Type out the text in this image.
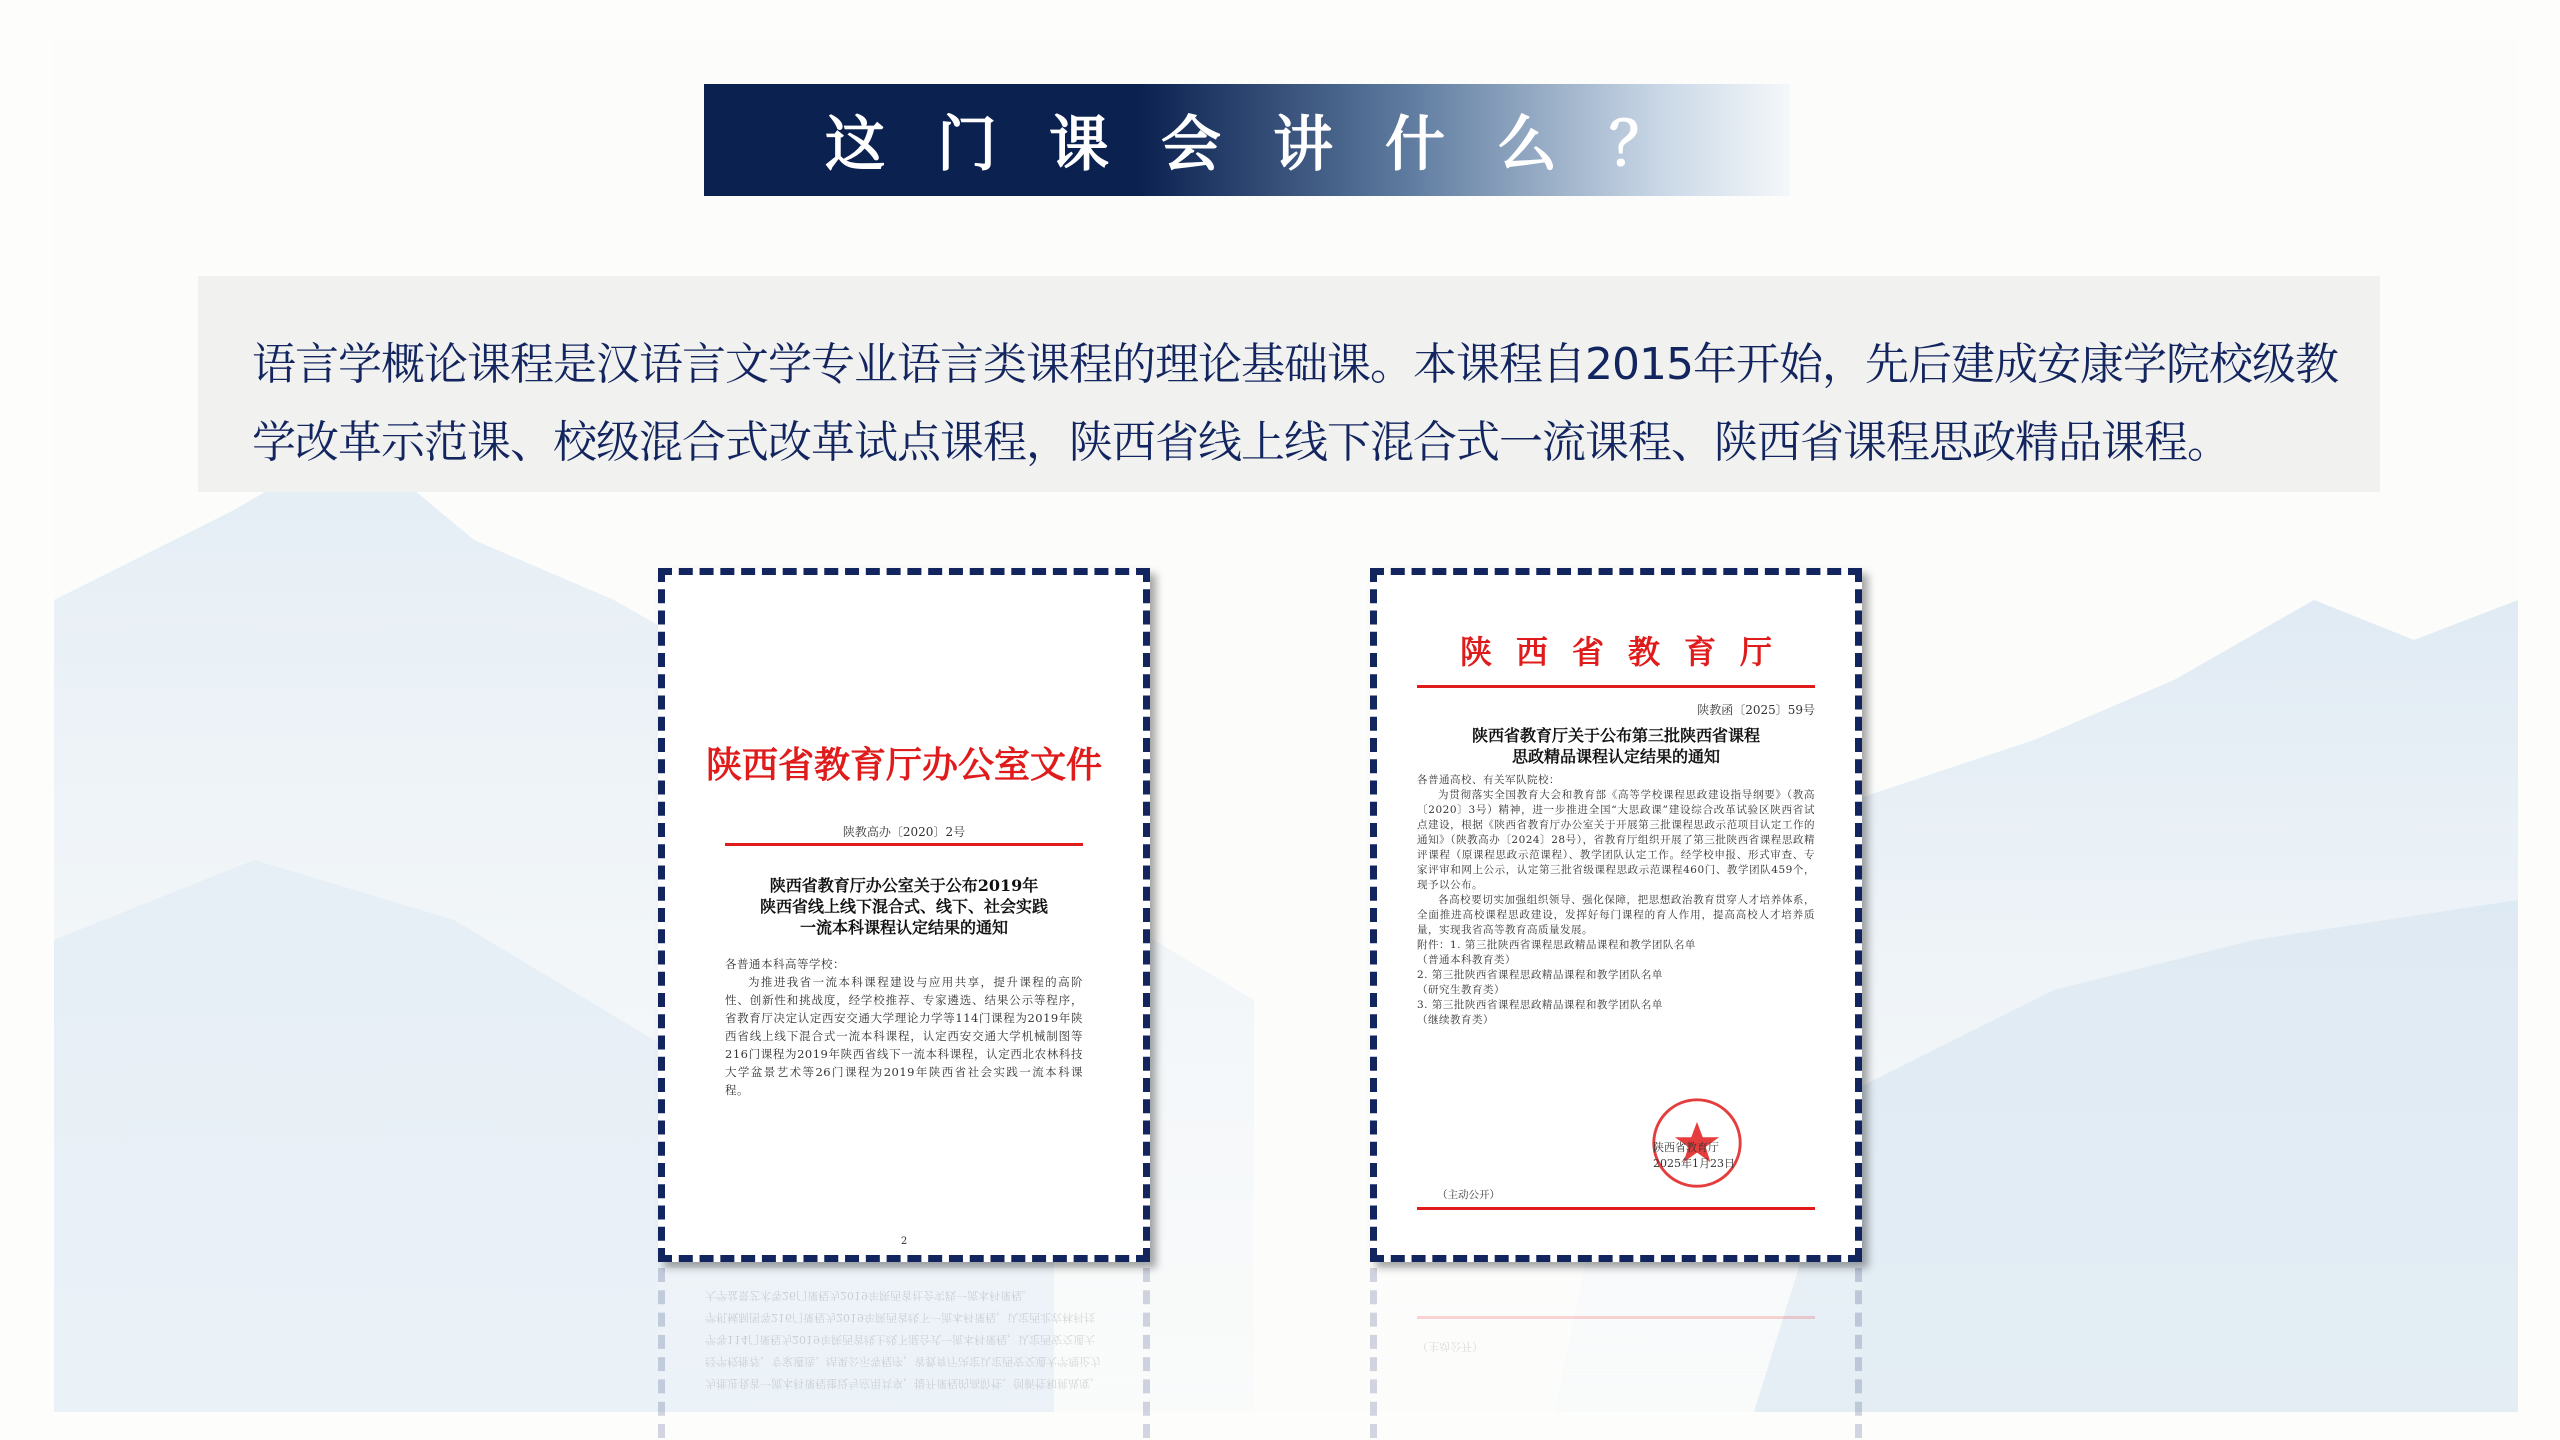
这门课会讲什么？

语言学概论课程是汉语言文学专业语言类课程的理论基础课。本课程自2015年开始，先后建成安康学院校级教学改革示范课、校级混合式改革试点课程，陕西省线上线下混合式一流课程、陕西省课程思政精品课程。

陕西省教育厅办公室文件
陕教高办〔2020〕2号
陕西省教育厅办公室关于公布2019年
陕西省线上线下混合式、线下、社会实践
一流本科课程认定结果的通知

各普通本科高等学校：

为推进我省一流本科课程建设与应用共享，提升课程的高阶性、创新性和挑战度，经学校推荐、专家遴选、结果公示等程序，省教育厅决定认定西安交通大学理论力学等114门课程为2019年陕西省线上线下混合式一流本科课程，认定西安交通大学机械制图等216门课程为2019年陕西省线下一流本科课程，认定西北农林科技大学盆景艺术等26门课程为2019年陕西省社会实践一流本科课程。

2
陕西省教育厅
陕教函〔2025〕59号
陕西省教育厅关于公布第三批陕西省课程
思政精品课程认定结果的通知

各普通高校、有关军队院校：

为贯彻落实全国教育大会和教育部《高等学校课程思政建设指导纲要》（教高〔2020〕3号）精神，进一步推进全国“大思政课”建设综合改革试验区陕西省试点建设，根据《陕西省教育厅办公室关于开展第三批课程思政示范项目认定工作的通知》（陕教高办〔2024〕28号），省教育厅组织开展了第三批陕西省课程思政精评课程（原课程思政示范课程）、教学团队认定工作。经学校申报、形式审查、专家评审和网上公示，认定第三批省级课程思政示范课程460门、教学团队459个，现予以公布。

各高校要切实加强组织领导、强化保障，把思想政治教育贯穿人才培养体系，全面推进高校课程思政建设，发挥好每门课程的育人作用，提高高校人才培养质量，实现我省高等教育高质量发展。

附件：1. 第三批陕西省课程思政精品课程和教学团队名单

（普通本科教育类）

2. 第三批陕西省课程思政精品课程和教学团队名单

（研究生教育类）

3. 第三批陕西省课程思政精品课程和教学团队名单

（继续教育类）

陕西省教育厅
2025年1月23日
（主动公开）
为推进我省一流本科课程建设与应用共享，提升课程的高阶性、创新性和挑战度，经学校推荐、专家遴选、结果公示等程序，省教育厅决定认定西安交通大学理论力学等114门课程为2019年陕西省线上线下混合式一流本科课程，认定西安交通大学机械制图等216门课程为2019年陕西省线下一流本科课程，认定西北农林科技大学盆景艺术等26门课程为2019年陕西省社会实践一流本科课程。
（主动公开）
